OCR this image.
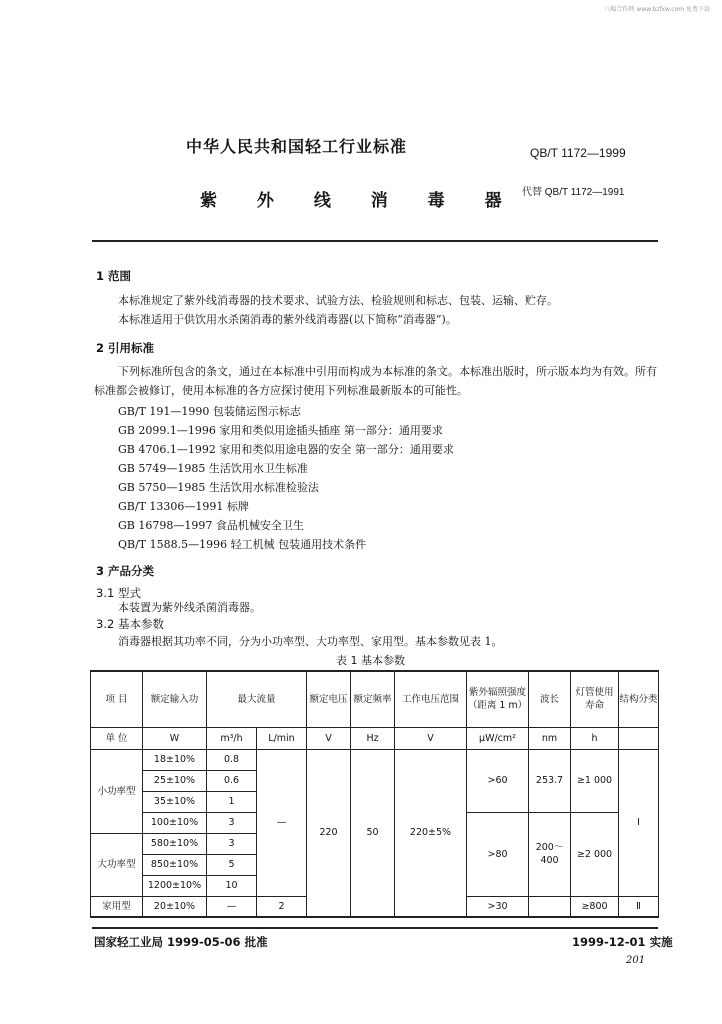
八幅合作网 www.bzfxw.com 免费下载
中华人民共和国轻工行业标准	QB/T 1172—1999
紫 外 线 消 毒 器 代替 QB/T 1172—1991
1 范围
本标准规定了紫外线消毒器的技术要求、试验方法、检验规则和标志、包装、运输、贮存。
本标准适用于供饮用水杀菌消毒的紫外线消毒器(以下简称“消毒器”)。
2 引用标准
下列标准所包含的条文，通过在本标准中引用而构成为本标准的条文。本标准出版时，所示版本均为有效。所有标准都会被修订，使用本标准的各方应探讨使用下列标准最新版本的可能性。
GB/T 191—1990 包装储运图示标志
GB 2099.1—1996 家用和类似用途插头插座 第一部分：通用要求
GB 4706.1—1992 家用和类似用途电器的安全 第一部分：通用要求
GB 5749—1985 生活饮用水卫生标准
GB 5750—1985 生活饮用水标准检验法
GB/T 13306—1991 标牌
GB 16798—1997 食品机械安全卫生
QB/T 1588.5—1996 轻工机械 包装通用技术条件
3 产品分类
3.1 型式
本装置为紫外线杀菌消毒器。
3.2 基本参数
消毒器根据其功率不同，分为小功率型、大功率型、家用型。基本参数见表 1。
表 1 基本参数
项 目	额定输入功	最大流量		额定电压	额定频率	工作电压范围	紫外辐照强度（距离 1 m）	波长	灯管使用寿命	结构分类
单 位	W	m³/h	L/min	V	Hz	V	μW/cm²	nm	h	
小功率型	18±10%	0.8	—	220	50	220±5%	>60	253.7	≥1 000	Ⅰ
	25±10%	0.6								
	35±10%	1								
	100±10%	3					>80	200～400	≥2 000	
大功率型	580±10%	3								
	850±10%	5								
	1200±10%	10								
家用型	20±10%	—	2				>30		≥800	Ⅱ
国家轻工业局 1999-05-06 批准	1999-12-01 实施
201
